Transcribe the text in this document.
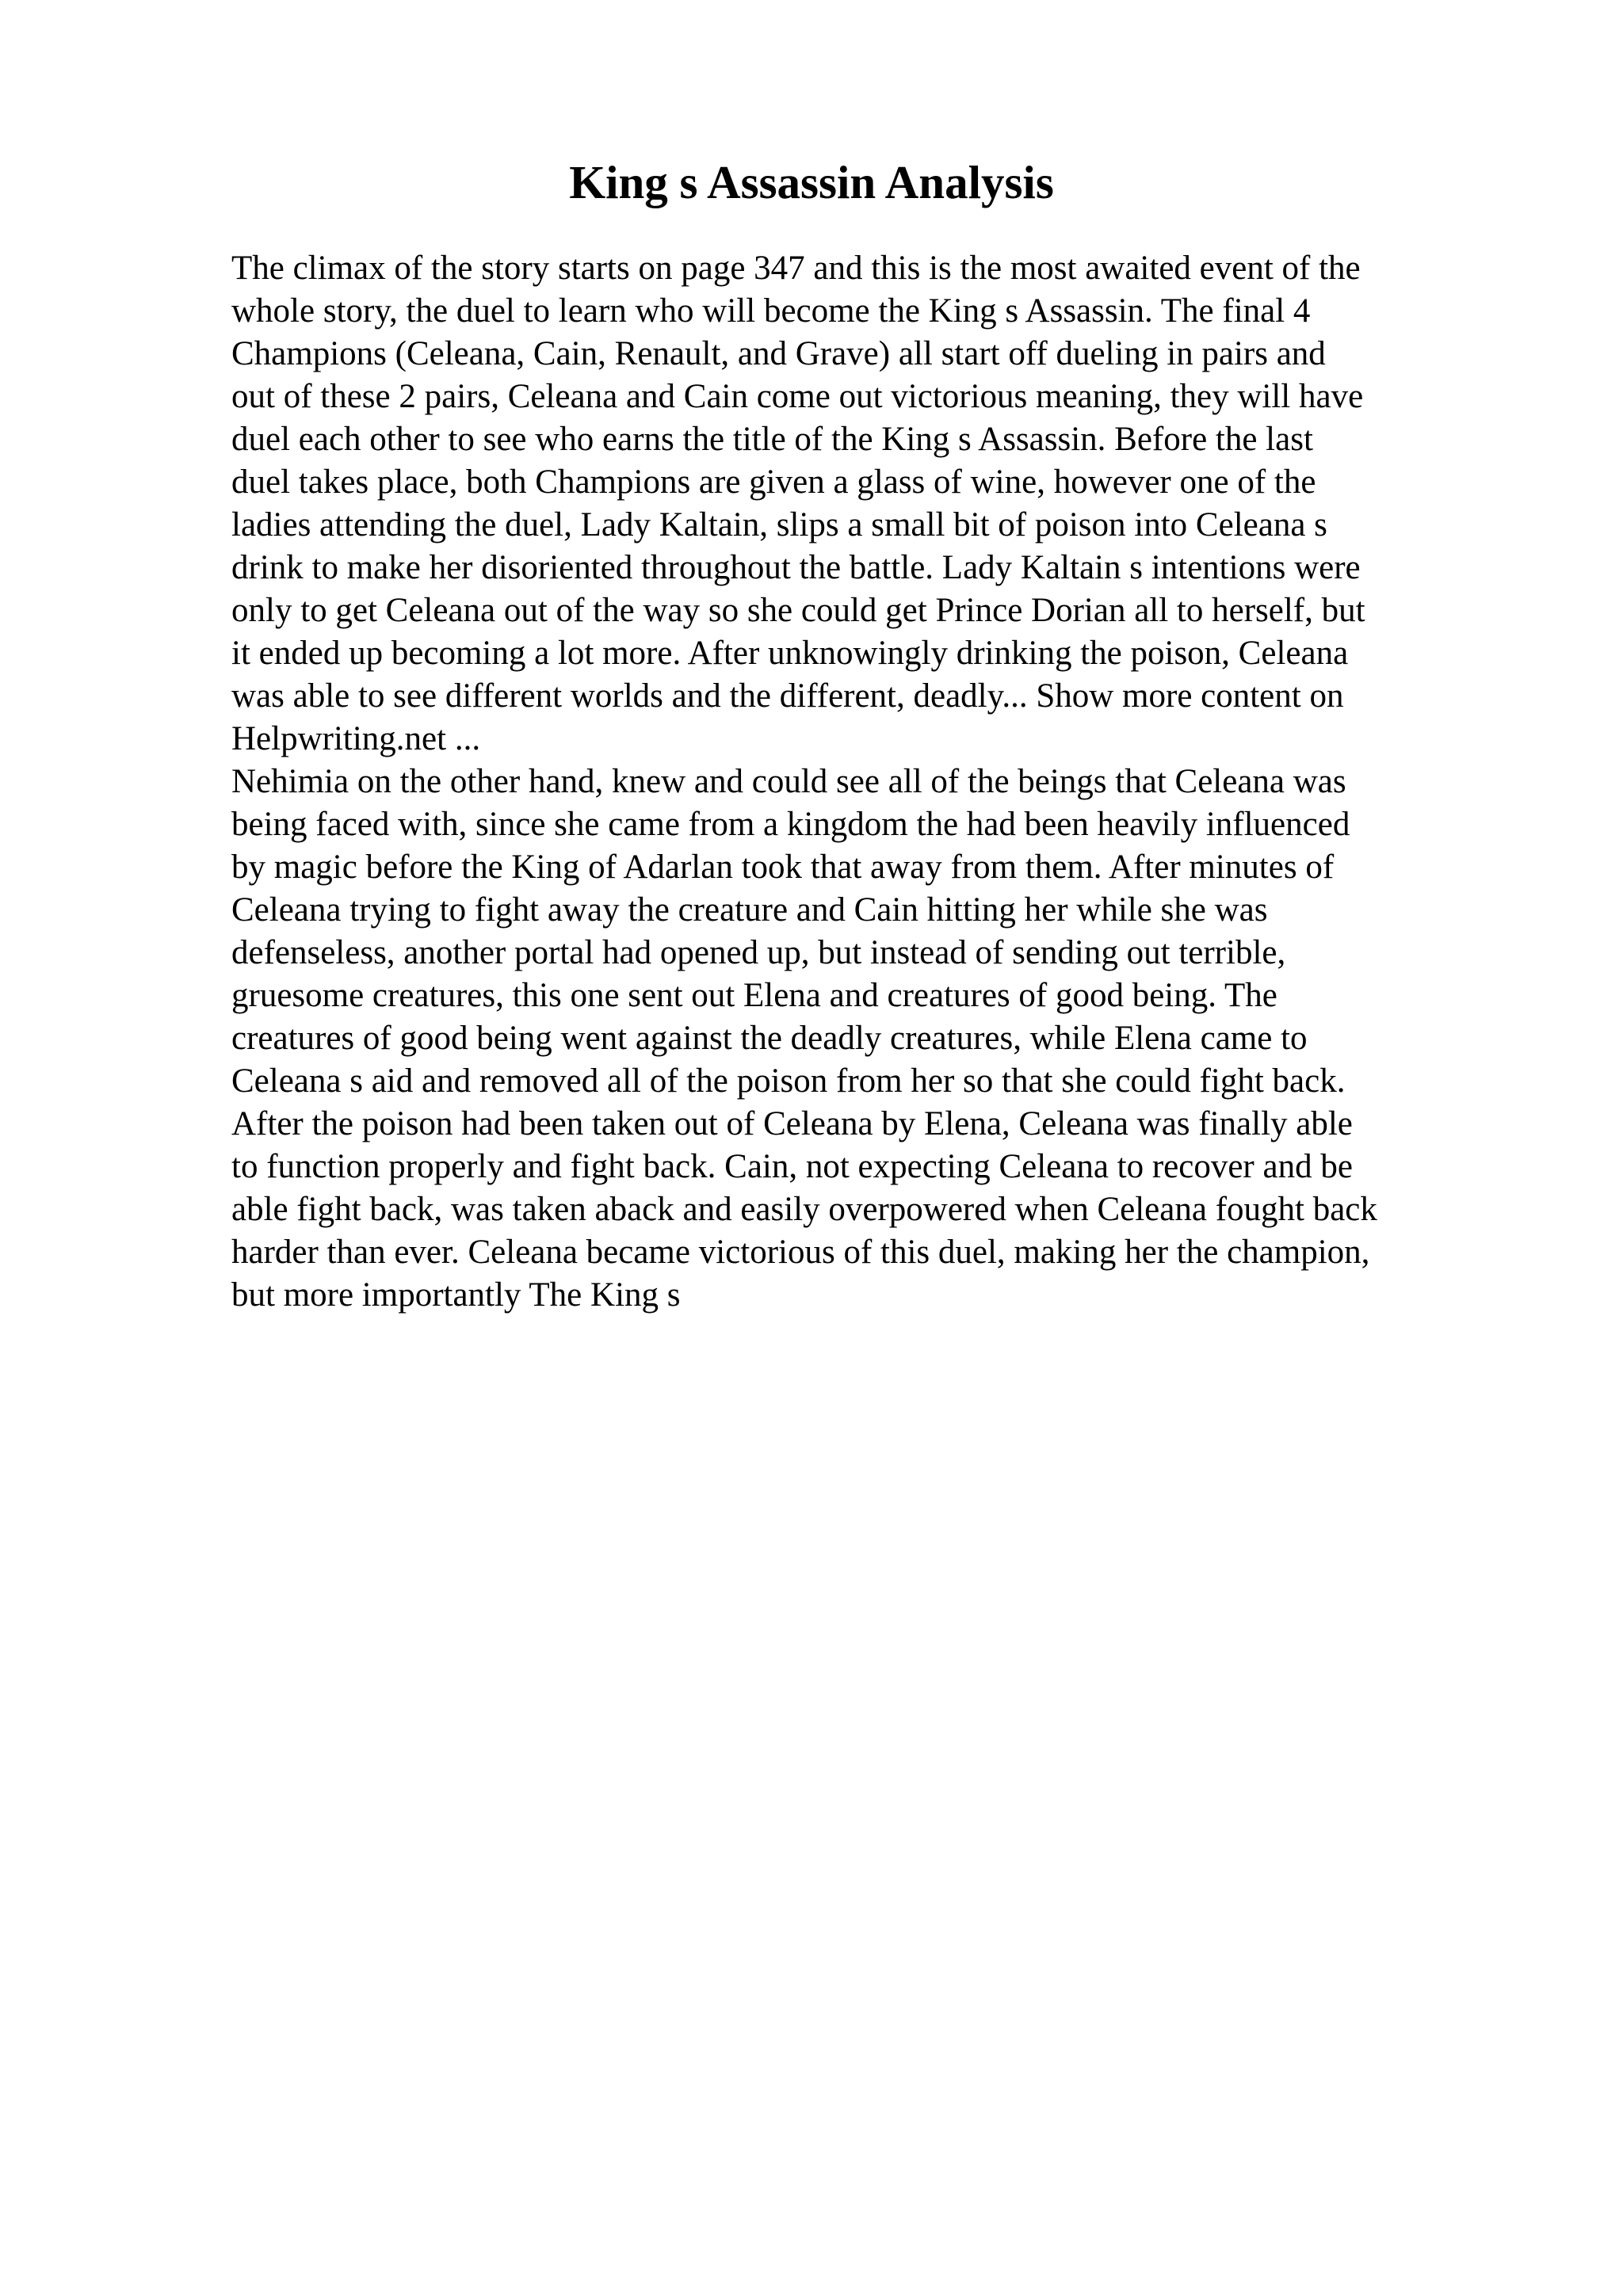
King s Assassin Analysis

The climax of the story starts on page 347 and this is the most awaited event of the

whole story, the duel to learn who will become the King s Assassin. The final 4

Champions (Celeana, Cain, Renault, and Grave) all start off dueling in pairs and

out of these 2 pairs, Celeana and Cain come out victorious meaning, they will have

duel each other to see who earns the title of the King s Assassin. Before the last

duel takes place, both Champions are given a glass of wine, however one of the

ladies attending the duel, Lady Kaltain, slips a small bit of poison into Celeana s

drink to make her disoriented throughout the battle. Lady Kaltain s intentions were

only to get Celeana out of the way so she could get Prince Dorian all to herself, but

it ended up becoming a lot more. After unknowingly drinking the poison, Celeana

was able to see different worlds and the different, deadly... Show more content on

Helpwriting.net ...

Nehimia on the other hand, knew and could see all of the beings that Celeana was

being faced with, since she came from a kingdom the had been heavily influenced

by magic before the King of Adarlan took that away from them. After minutes of

Celeana trying to fight away the creature and Cain hitting her while she was

defenseless, another portal had opened up, but instead of sending out terrible,

gruesome creatures, this one sent out Elena and creatures of good being. The

creatures of good being went against the deadly creatures, while Elena came to

Celeana s aid and removed all of the poison from her so that she could fight back.

After the poison had been taken out of Celeana by Elena, Celeana was finally able

to function properly and fight back. Cain, not expecting Celeana to recover and be

able fight back, was taken aback and easily overpowered when Celeana fought back

harder than ever. Celeana became victorious of this duel, making her the champion,

but more importantly The King s
